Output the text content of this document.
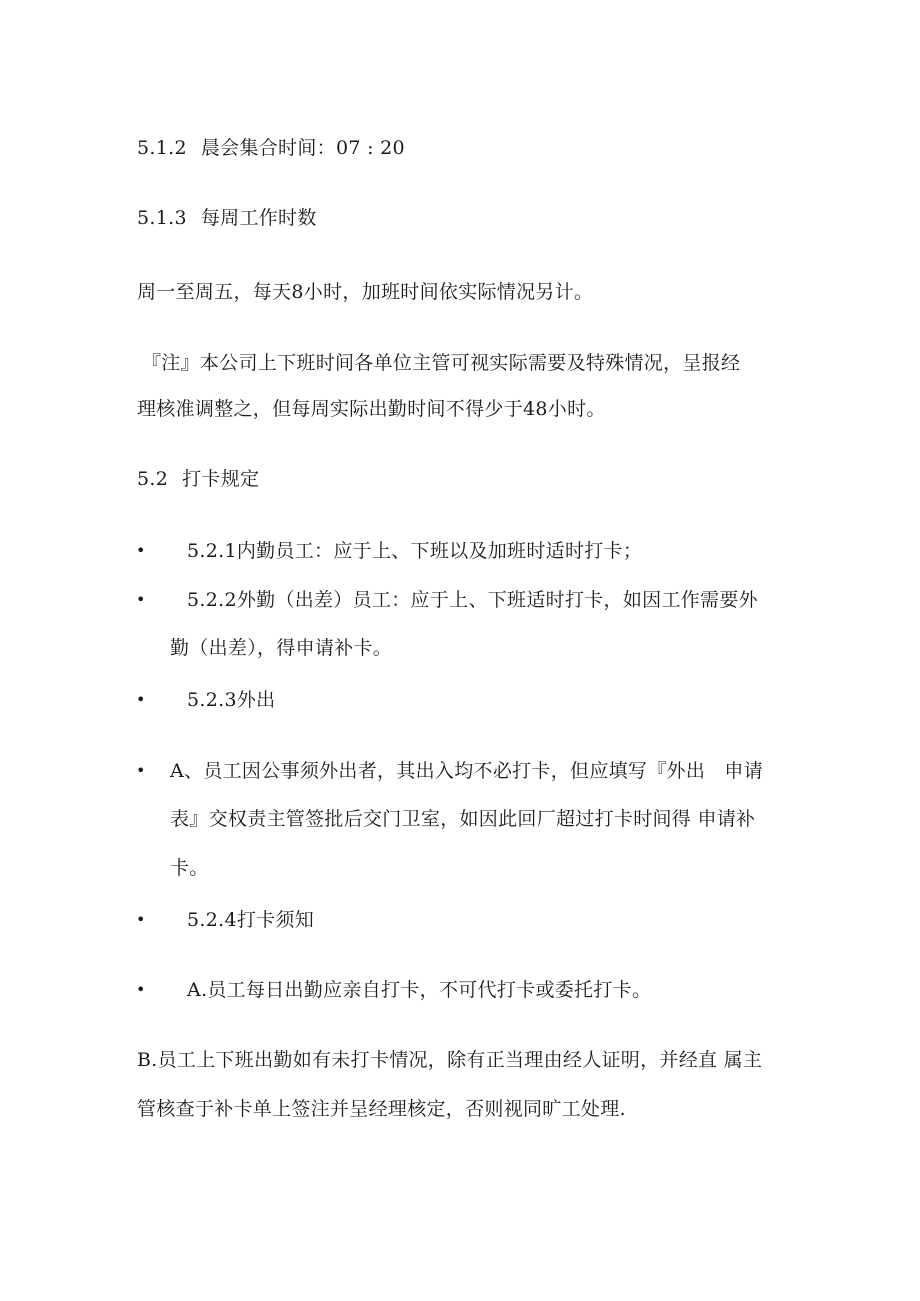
5.1.2 晨会集合时间：07 : 20
5.1.3 每周工作时数
周一至周五，每天8小时，加班时间依实际情况另计。
『注』本公司上下班时间各单位主管可视实际需要及特殊情况，呈报经
理核准调整之，但每周实际出勤时间不得少于48小时。
5.2 打卡规定
• 5.2.1内勤员工：应于上、下班以及加班时适时打卡；
• 5.2.2外勤（出差）员工：应于上、下班适时打卡，如因工作需要外
勤（出差），得申请补卡。
• 5.2.3外出
• A、员工因公事须外出者，其出入均不必打卡，但应填写『外出　申请
表』交权责主管签批后交门卫室，如因此回厂超过打卡时间得 申请补
卡。
• 5.2.4打卡须知
• A.员工每日出勤应亲自打卡，不可代打卡或委托打卡。
B.员工上下班出勤如有未打卡情况，除有正当理由经人证明，并经直 属主
管核查于补卡单上签注并呈经理核定，否则视同旷工处理.
